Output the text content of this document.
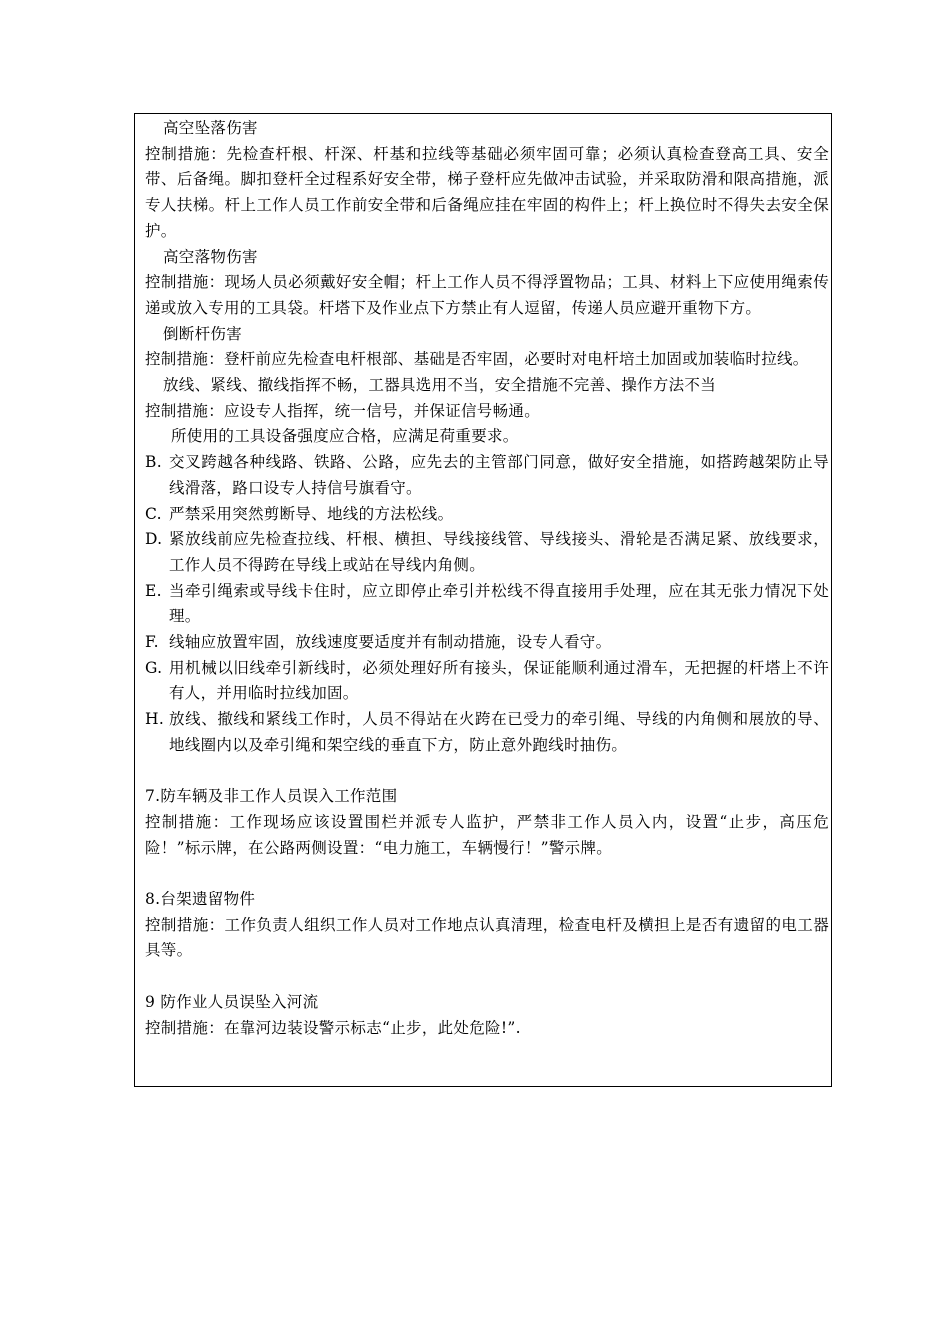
高空坠落伤害
控制措施：先检查杆根、杆深、杆基和拉线等基础必须牢固可靠；必须认真检查登高工具、安全带、后备绳。脚扣登杆全过程系好安全带，梯子登杆应先做冲击试验，并采取防滑和限高措施，派专人扶梯。杆上工作人员工作前安全带和后备绳应挂在牢固的构件上；杆上换位时不得失去安全保护。
高空落物伤害
控制措施：现场人员必须戴好安全帽；杆上工作人员不得浮置物品；工具、材料上下应使用绳索传递或放入专用的工具袋。杆塔下及作业点下方禁止有人逗留，传递人员应避开重物下方。
倒断杆伤害
控制措施：登杆前应先检查电杆根部、基础是否牢固，必要时对电杆培土加固或加装临时拉线。
放线、紧线、撤线指挥不畅，工器具选用不当，安全措施不完善、操作方法不当
控制措施：应设专人指挥，统一信号，并保证信号畅通。
所使用的工具设备强度应合格，应满足荷重要求。
B. 交叉跨越各种线路、铁路、公路，应先去的主管部门同意，做好安全措施，如搭跨越架防止导线滑落，路口设专人持信号旗看守。
C. 严禁采用突然剪断导、地线的方法松线。
D. 紧放线前应先检查拉线、杆根、横担、导线接线管、导线接头、滑轮是否满足紧、放线要求，工作人员不得跨在导线上或站在导线内角侧。
E. 当牵引绳索或导线卡住时，应立即停止牵引并松线不得直接用手处理，应在其无张力情况下处理。
F. 线轴应放置牢固，放线速度要适度并有制动措施，设专人看守。
G. 用机械以旧线牵引新线时，必须处理好所有接头，保证能顺利通过滑车，无把握的杆塔上不许有人，并用临时拉线加固。
H. 放线、撤线和紧线工作时，人员不得站在火跨在已受力的牵引绳、导线的内角侧和展放的导、地线圈内以及牵引绳和架空线的垂直下方，防止意外跑线时抽伤。
7.防车辆及非工作人员误入工作范围
控制措施：工作现场应该设置围栏并派专人监护，严禁非工作人员入内，设置“止步，高压危险！”标示牌，在公路两侧设置：“电力施工，车辆慢行！”警示牌。
8.台架遗留物件
控制措施：工作负责人组织工作人员对工作地点认真清理，检查电杆及横担上是否有遗留的电工器具等。
9 防作业人员误坠入河流
控制措施：在靠河边装设警示标志“止步，此处危险!”.
